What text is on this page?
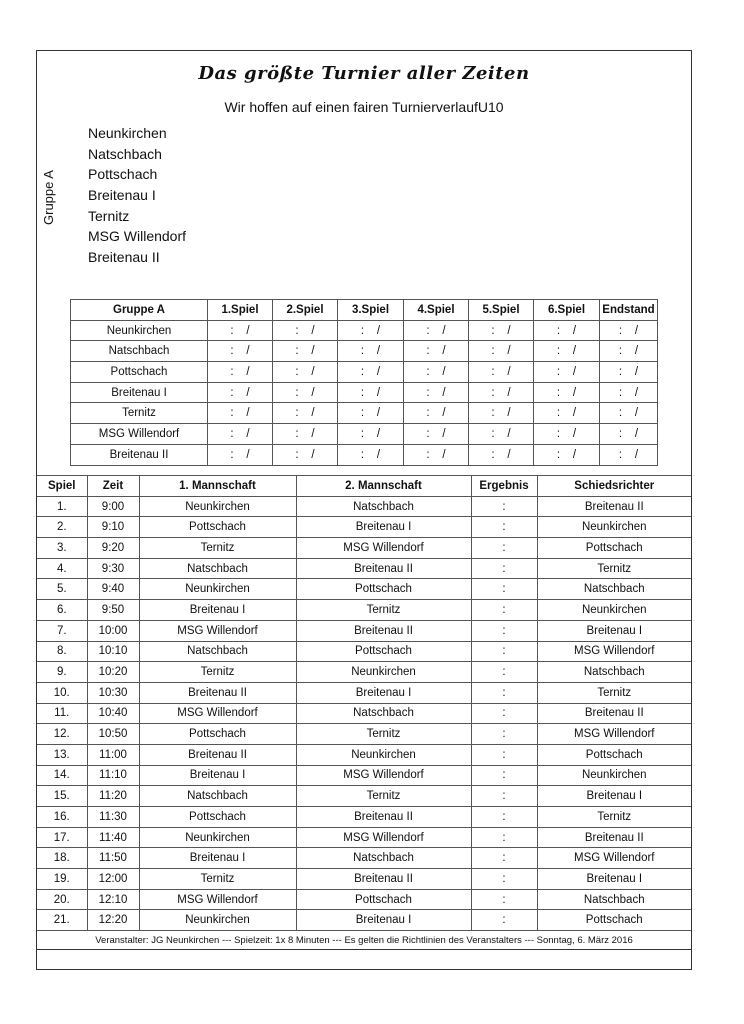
Das größte Turnier aller Zeiten
Wir hoffen auf einen fairen TurnierverlaufU10
Gruppe A
Neunkirchen
Natschbach
Pottschach
Breitenau I
Ternitz
MSG Willendorf
Breitenau II
Gruppe A	1.Spiel	2.Spiel	3.Spiel	4.Spiel	5.Spiel	6.Spiel	Endstand
Neunkirchen	:    /	:    /	:    /	:    /	:    /	:    /	:    /
Natschbach	:    /	:    /	:    /	:    /	:    /	:    /	:    /
Pottschach	:    /	:    /	:    /	:    /	:    /	:    /	:    /
Breitenau I	:    /	:    /	:    /	:    /	:    /	:    /	:    /
Ternitz	:    /	:    /	:    /	:    /	:    /	:    /	:    /
MSG Willendorf	:    /	:    /	:    /	:    /	:    /	:    /	:    /
Breitenau II	:    /	:    /	:    /	:    /	:    /	:    /	:    /
Spiel	Zeit	1. Mannschaft	2. Mannschaft	Ergebnis	Schiedsrichter
1.	9:00	Neunkirchen	Natschbach	:	Breitenau II
2.	9:10	Pottschach	Breitenau I	:	Neunkirchen
3.	9:20	Ternitz	MSG Willendorf	:	Pottschach
4.	9:30	Natschbach	Breitenau II	:	Ternitz
5.	9:40	Neunkirchen	Pottschach	:	Natschbach
6.	9:50	Breitenau I	Ternitz	:	Neunkirchen
7.	10:00	MSG Willendorf	Breitenau II	:	Breitenau I
8.	10:10	Natschbach	Pottschach	:	MSG Willendorf
9.	10:20	Ternitz	Neunkirchen	:	Natschbach
10.	10:30	Breitenau II	Breitenau I	:	Ternitz
11.	10:40	MSG Willendorf	Natschbach	:	Breitenau II
12.	10:50	Pottschach	Ternitz	:	MSG Willendorf
13.	11:00	Breitenau II	Neunkirchen	:	Pottschach
14.	11:10	Breitenau I	MSG Willendorf	:	Neunkirchen
15.	11:20	Natschbach	Ternitz	:	Breitenau I
16.	11:30	Pottschach	Breitenau II	:	Ternitz
17.	11:40	Neunkirchen	MSG Willendorf	:	Breitenau II
18.	11:50	Breitenau I	Natschbach	:	MSG Willendorf
19.	12:00	Ternitz	Breitenau II	:	Breitenau I
20.	12:10	MSG Willendorf	Pottschach	:	Natschbach
21.	12:20	Neunkirchen	Breitenau I	:	Pottschach
Veranstalter: JG Neunkirchen --- Spielzeit: 1x 8 Minuten --- Es gelten die Richtlinien des Veranstalters --- Sonntag, 6. März 2016
